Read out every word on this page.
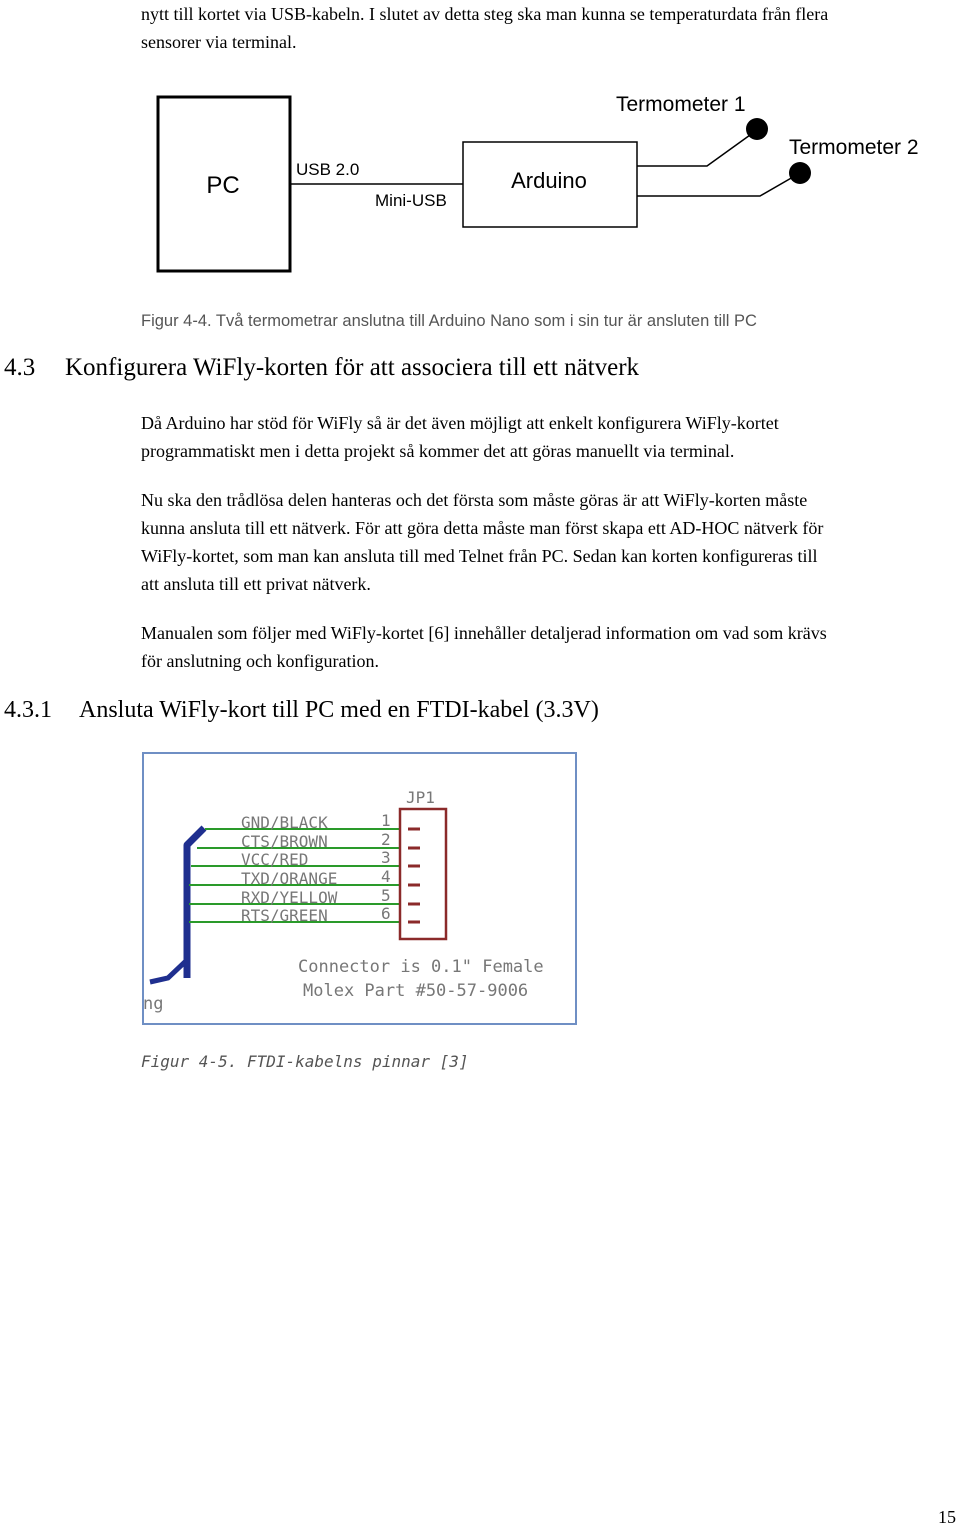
nytt till kortet via USB-kabeln. I slutet av detta steg ska man kunna se temperaturdata från flera
sensorer via terminal.
PC
USB 2.0
Mini-USB
Arduino
Termometer 1
Termometer 2
Figur 4-4. Två termometrar anslutna till Arduino Nano som i sin tur är ansluten till PC
4.3 Konfigurera WiFly-korten för att associera till ett nätverk
Då Arduino har stöd för WiFly så är det även möjligt att enkelt konfigurera WiFly-kortet
programmatiskt men i detta projekt så kommer det att göras manuellt via terminal.
Nu ska den trådlösa delen hanteras och det första som måste göras är att WiFly-korten måste
kunna ansluta till ett nätverk. För att göra detta måste man först skapa ett AD-HOC nätverk för
WiFly-kortet, som man kan ansluta till med Telnet från PC. Sedan kan korten konfigureras till
att ansluta till ett privat nätverk.
Manualen som följer med WiFly-kortet [6] innehåller detaljerad information om vad som krävs
för anslutning och konfiguration.
4.3.1 Ansluta WiFly-kort till PC med en FTDI-kabel (3.3V)
JP1
GND/BLACK
CTS/BROWN
VCC/RED
TXD/ORANGE
RXD/YELLOW
RTS/GREEN
1
2
3
4
5
6
Connector is 0.1" Female
Molex Part #50-57-9006
ng
Figur 4-5. FTDI-kabelns pinnar [3]
15
